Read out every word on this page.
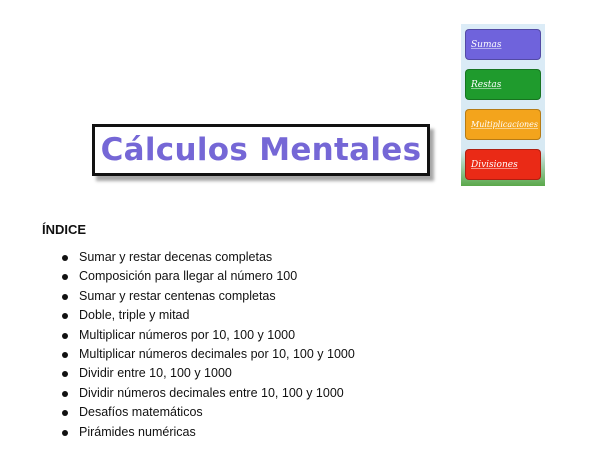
Cálculos Mentales
Sumas
Restas
Multiplicaciones
Divisiones
ÍNDICE
Sumar y restar decenas completas
Composición para llegar al número 100
Sumar y restar centenas completas
Doble, triple y mitad
Multiplicar números por 10, 100 y 1000
Multiplicar números decimales por 10, 100 y 1000
Dividir entre 10, 100 y 1000
Dividir números decimales entre 10, 100 y 1000
Desafíos matemáticos
Pirámides numéricas
